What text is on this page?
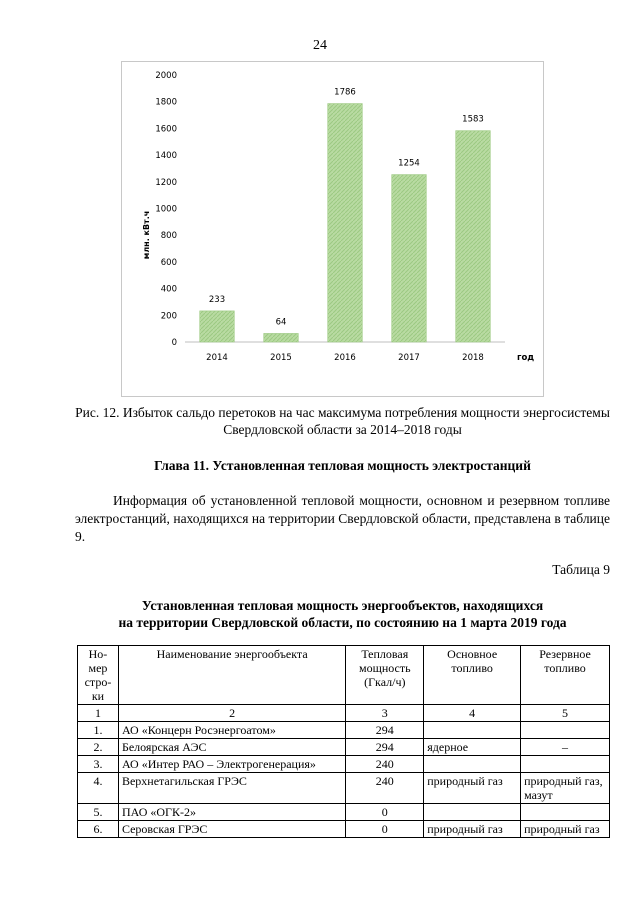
24
0
200
400
600
800
1000
1200
1400
1600
1800
2000
233
2014
64
2015
1786
2016
1254
2017
1583
2018
млн. кВт.ч
год
Рис. 12. Избыток сальдо перетоков на час максимума потребления мощности энергосистемы Свердловской области за 2014–2018 годы
Глава 11. Установленная тепловая мощность электростанций
Информация об установленной тепловой мощности, основном и резервном топливе электростанций, находящихся на территории Свердловской области, представлена в таблице 9.
Таблица 9
Установленная тепловая мощность энергообъектов, находящихся
на территории Свердловской области, по состоянию на 1 марта 2019 года
Но-мер стро-ки	Наименование энергообъекта	Тепловая мощность (Гкал/ч)	Основное топливо	Резервное топливо
1	2	3	4	5
1.	АО «Концерн Росэнергоатом»	294		
2.	Белоярская АЭС	294	ядерное	–
3.	АО «Интер РАО – Электрогенерация»	240		
4.	Верхнетагильская ГРЭС	240	природный газ	природный газ, мазут
5.	ПАО «ОГК-2»	0		
6.	Серовская ГРЭС	0	природный газ	природный газ
